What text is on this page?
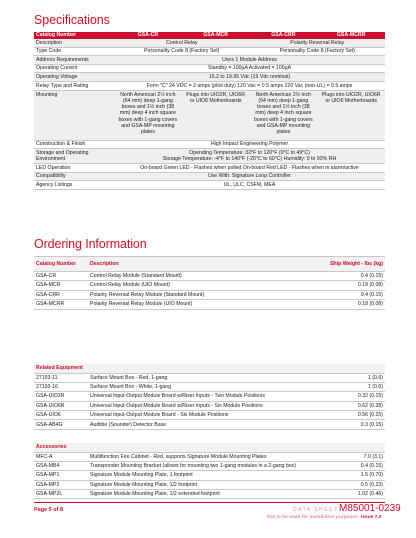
Specifications
Catalog Number	GSA-CR	GSA-MCR	GSA-CRR	GSA-MCRR
Description	Control Relay		Polarity Reversal Relay	
Type Code	Personality Code 8 (Factory Set)		Personality Code 8 (Factory Set)	
Address Requirements	Uses 1 Module Address			
Operating Current	Standby = 100µA Activated = 100µA			
Operating Voltage	15.2 to 19.95 Vdc (19 Vdc nominal)			
Relay Type and Rating	Form "C" 24 VDC = 2 amps (pilot duty) 120 Vac = 0.5 amps 220 Vac (non-UL) = 0.5 amps			
Mounting	North American 2½ inch (64 mm) deep 1-gang boxes and 1½ inch (38 mm) deep 4 inch square boxes with 1-gang covers and GSA-MP mounting plates	Plugs into UIO2R, UIO6R or UIO6 Motherboards	North American 2½ inch (64 mm) deep 1-gang boxes and 1½ inch (38 mm) deep 4 inch square boxes with 1-gang covers and GSA-MP mounting plates	Plugs into UIO2R, UIO6R or UIO6 Motherboards
Construction & Finish	High Impact Engineering Polymer			
Storage and Operating Environment	Operating Temperature: 32°F to 120°F (0°C to 49°C)
Storage Temperature: -4°F to 140°F (-20°C to 60°C) Humidity: 0 to 93% RH			
LED Operation	On-board Green LED - Flashes when polled On-board Red LED - Flashes when in alarm/active			
Compatibility	Use With: Signature Loop Controller			
Agency Listings	UL, ULC, CSFM, MEA			
Ordering Information
Catalog Number	Description	Ship Weight - lbs (kg)
GSA-CR	Control Relay Module (Standard Mount)	0.4 (0.15)
GSA-MCR	Control Relay Module (UIO Mount)	0.18 (0.08)
GSA-CRR	Polarity Reversal Relay Module (Standard Mount)	0.4 (0.15)
GSA-MCRR	Polarity Reversal Relay Module (UIO Mount)	0.18 (0.08)
Related Equipment		
27193-11	Surface Mount Box - Red, 1-gang	1 (0.6)
27193-16	Surface Mount Box - White, 1-gang	1 (0.6)
GSA-UIO2R	Universal Input-Output Module Board w/Riser Inputs - Two Module Positions	0.32 (0.15)
GSA-UIO6R	Universal Input-Output Module Board w/Riser Inputs - Six Module Positions	0.62 (0.28)
GSA-UIO6	Universal Input-Output Module Board - Six Module Positions	0.56 (0.25)
GSA-AB4G	Audible (Sounder) Detector Base	0.3 (0.15)
Accessories		
MFC-A	Multifunction Fire Cabinet - Red, supports Signature Module Mounting Plates	7.0 (3.1)
GSA-MB4	Transponder Mounting Bracket (allows for mounting two 1-gang modules in a 2-gang box)	0.4 (0.15)
GSA-MP1	Signature Module Mounting Plate, 1 footprint	1.5 (0.70)
GSA-MP2	Signature Module Mounting Plate, 1/2 footprint	0.5 (0.23)
GSA-MP2L	Signature Module Mounting Plate, 1/2 extended footprint	1.02 (0.46)
Page 5 of 8	DATA SHEET M85001-0239
Not to be used for installation purposes. Issue 7.2
